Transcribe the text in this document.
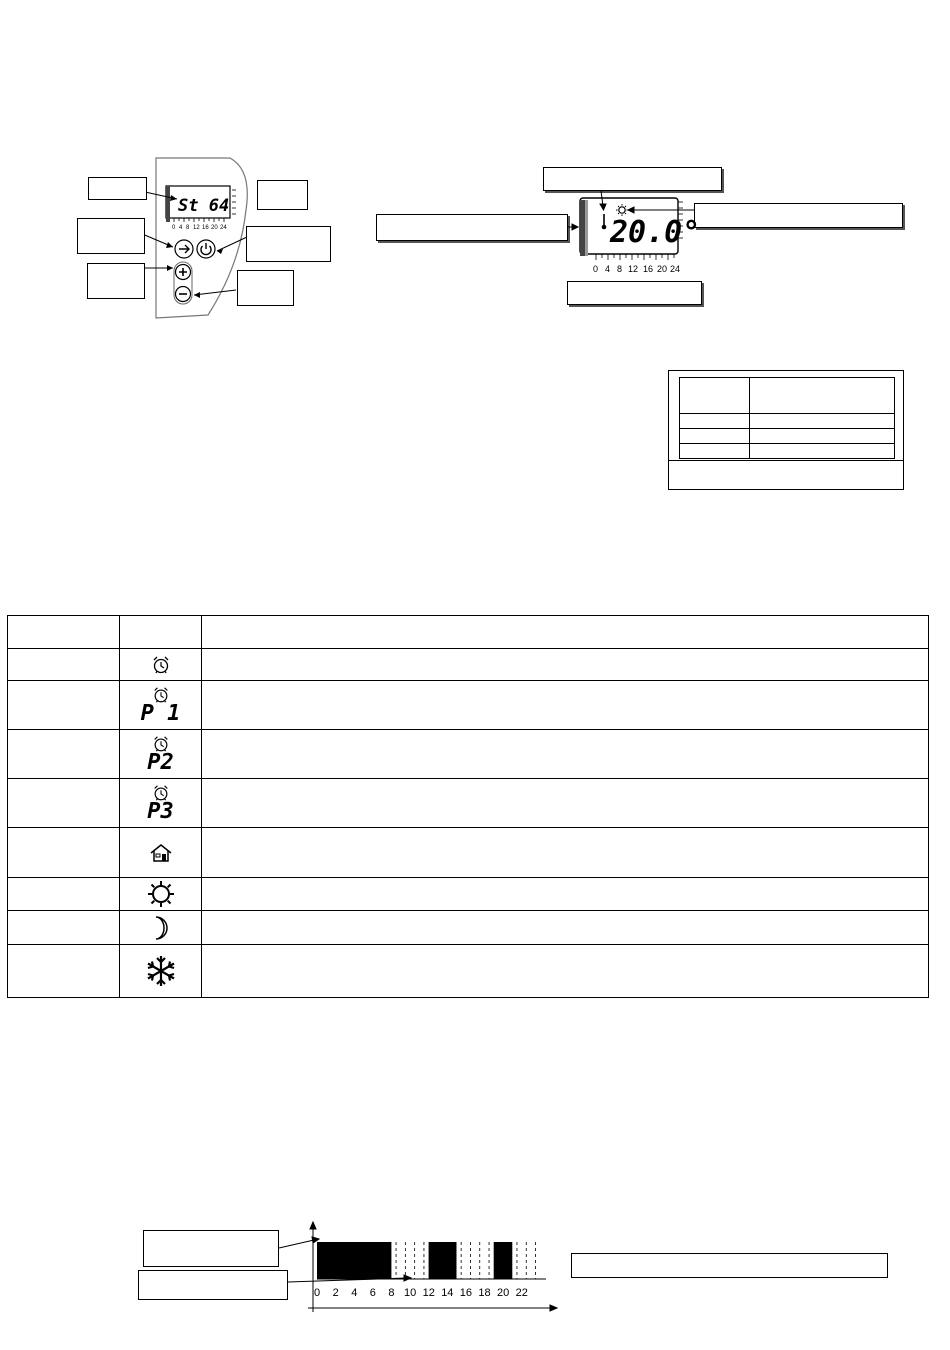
St 64
0 4 8 12 16 20 24	20.0°
0 4 8 12 16 20 24

	P 1	

	P2	

	P3	

0 2 4 6 8 10 12 14 16 18 20 22
